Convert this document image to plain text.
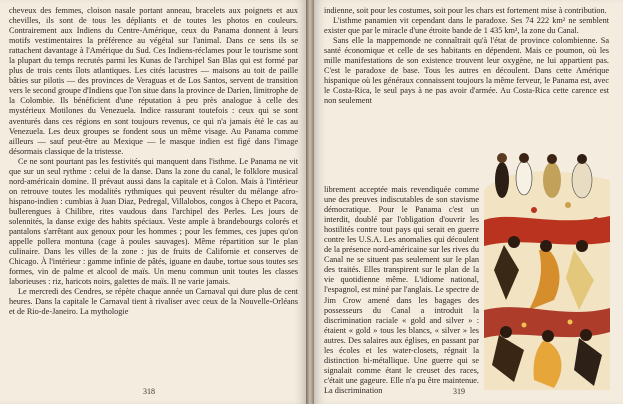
cheveux des femmes, cloison nasale portant anneau, bracelets aux poignets et aux chevilles, ils sont de tous les dépliants et de toutes les photos en couleurs. Contrairement aux Indiens du Centre-Amérique, ceux du Panama donnent à leurs motifs vestimentaires la préférence au végétal sur l'animal. Dans ce sens ils se rattachent davantage à l'Amérique du Sud. Ces Indiens-réclames pour le tourisme sont la plupart du temps recrutés parmi les Kunas de l'archipel San Blas qui est formé par plus de trois cents îlots atlantiques. Les cités lacustres — maisons au toit de paille bâties sur pilotis — des provinces de Veraguas et de Los Santos, servent de transition vers le second groupe d'Indiens que l'on situe dans la province de Darien, limitrophe de la Colombie. Ils bénéficient d'une réputation à peu près analogue à celle des mystérieux Motilones du Venezuela. Indice rassurant toutefois : ceux qui se sont aventurés dans ces régions en sont toujours revenus, ce qui n'a jamais été le cas au Venezuela. Les deux groupes se fondent sous un même visage. Au Panama comme ailleurs — sauf peut-être au Mexique — le masque indien est figé dans l'image désormais classique de la tristesse.

Ce ne sont pourtant pas les festivités qui manquent dans l'isthme. Le Panama ne vit que sur un seul rythme : celui de la danse. Dans la zone du canal, le folklore musical nord-américain domine. Il prévaut aussi dans la capitale et à Colon. Mais à l'intérieur on retrouve toutes les modalités rythmiques qui peuvent résulter du mélange afro-hispano-indien : cumbias à Juan Diaz, Pedregal, Villalobos, congos à Chepo et Pacora, bullerengues à Chilibre, rites vaudous dans l'archipel des Perles. Les jours de solennités, la danse exige des habits spéciaux. Veste ample à brandebourgs colorés et pantalons s'arrêtant aux genoux pour les hommes ; pour les femmes, ces jupes qu'on appelle pollera montuna (cage à poules sauvages). Même répartition sur le plan culinaire. Dans les villes de la zone : jus de fruits de Californie et conserves de Chicago. À l'intérieur : gamme infinie de pâtés, iguane en daube, tortue sous toutes ses formes, vin de palme et alcool de maïs. Un menu commun unit toutes les classes laborieuses : riz, haricots noirs, galettes de maïs. Il ne varie jamais.

Le mercredi des Cendres, se répète chaque année un Carnaval qui dure plus de cent heures. Dans la capitale le Carnaval tient à rivaliser avec ceux de la Nouvelle-Orléans et de Rio-de-Janeiro. La mythologie

318

indienne, soit pour les costumes, soit pour les chars est fortement mise à contribution.

L'isthme panamien vit cependant dans le paradoxe. Ses 74 222 km² ne semblent exister que par le miracle d'une étroite bande de 1 435 km², la zone du Canal.

Sans elle la mappemonde ne connaîtrait qu'à l'état de province colombienne. Sa santé économique et celle de ses habitants en dépendent. Mais ce poumon, où les mille manifestations de son existence trouvent leur oxygène, ne lui appartient pas. C'est le paradoxe de base. Tous les autres en découlent. Dans cette Amérique hispanique où les généraux connaissent toujours la même ferveur, le Panama est, avec le Costa-Rica, le seul pays à ne pas avoir d'armée. Au Costa-Rica cette carence est non seulement

librement acceptée mais revendiquée comme une des preuves indiscutables de son stavisme démocratique. Pour le Panama c'est un interdit, doublé par l'obligation d'ouvrir les hostilités contre tout pays qui serait en guerre contre les U.S.A. Les anomalies qui découlent de la présence nord-américaine sur les rives du Canal ne se situent pas seulement sur le plan des traités. Elles transpirent sur le plan de la vie quotidienne même. L'idiome national, l'espagnol, est miné par l'anglais. Le spectre de Jim Crow amené dans les bagages des possesseurs du Canal a introduit la discrimination raciale « gold and silver » : étaient « gold » tous les blancs, « silver » les autres. Des salaires aux églises, en passant par les écoles et les water-closets, régnait la distinction bi-métallique. Une guerre qui se signalait comme étant le creuset des races, c'était une gageure. Elle n'a pu être maintenue. La discrimination	319
